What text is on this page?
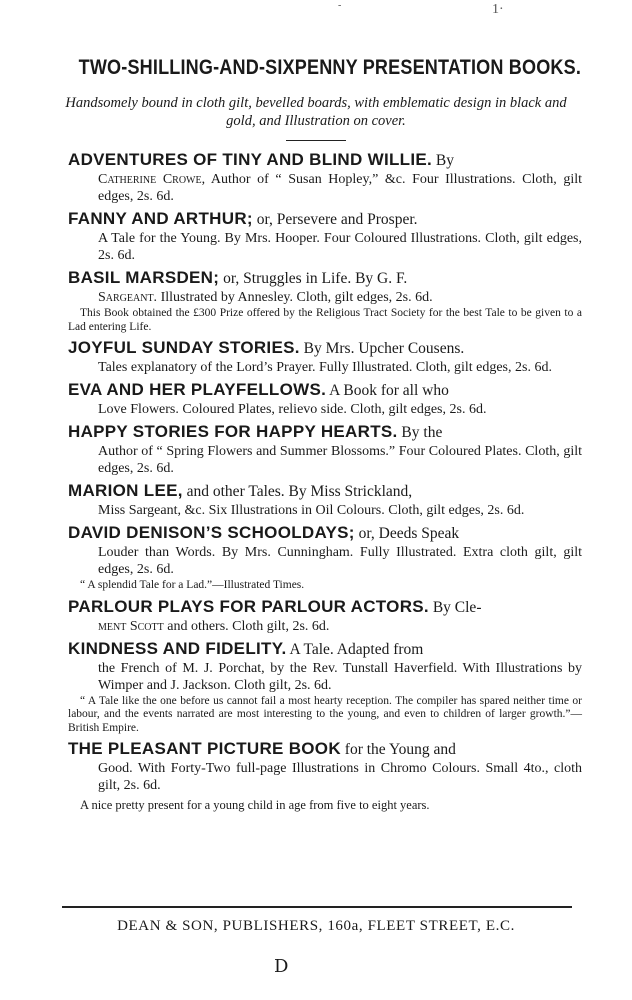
-	1·
TWO-SHILLING-AND-SIXPENNY PRESENTATION BOOKS.
Handsomely bound in cloth gilt, bevelled boards, with emblematic design in black and gold, and Illustration on cover.
ADVENTURES OF TINY AND BLIND WILLIE. By
Catherine Crowe, Author of “ Susan Hopley,” &c. Four Illustrations. Cloth, gilt edges, 2s. 6d.
FANNY AND ARTHUR; or, Persevere and Prosper.
A Tale for the Young. By Mrs. Hooper. Four Coloured Illustrations. Cloth, gilt edges, 2s. 6d.
BASIL MARSDEN; or, Struggles in Life. By G. F.
Sargeant. Illustrated by Annesley. Cloth, gilt edges, 2s. 6d.
This Book obtained the £300 Prize offered by the Religious Tract Society for the best Tale to be given to a Lad entering Life.
JOYFUL SUNDAY STORIES. By Mrs. Upcher Cousens.
Tales explanatory of the Lord’s Prayer. Fully Illustrated. Cloth, gilt edges, 2s. 6d.
EVA AND HER PLAYFELLOWS. A Book for all who
Love Flowers. Coloured Plates, relievo side. Cloth, gilt edges, 2s. 6d.
HAPPY STORIES FOR HAPPY HEARTS. By the
Author of “ Spring Flowers and Summer Blossoms.” Four Coloured Plates. Cloth, gilt edges, 2s. 6d.
MARION LEE, and other Tales. By Miss Strickland,
Miss Sargeant, &c. Six Illustrations in Oil Colours. Cloth, gilt edges, 2s. 6d.
DAVID DENISON’S SCHOOLDAYS; or, Deeds Speak
Louder than Words. By Mrs. Cunningham. Fully Illustrated. Extra cloth gilt, gilt edges, 2s. 6d.
“ A splendid Tale for a Lad.”—Illustrated Times.
PARLOUR PLAYS FOR PARLOUR ACTORS. By Cle-
ment Scott and others. Cloth gilt, 2s. 6d.
KINDNESS AND FIDELITY. A Tale. Adapted from
the French of M. J. Porchat, by the Rev. Tunstall Haverfield. With Illustrations by Wimper and J. Jackson. Cloth gilt, 2s. 6d.
“ A Tale like the one before us cannot fail a most hearty reception. The compiler has spared neither time or labour, and the events narrated are most interesting to the young, and even to children of larger growth.”—British Empire.
THE PLEASANT PICTURE BOOK for the Young and
Good. With Forty-Two full-page Illustrations in Chromo Colours. Small 4to., cloth gilt, 2s. 6d.
A nice pretty present for a young child in age from five to eight years.
DEAN & SON, PUBLISHERS, 160a, FLEET STREET, E.C.
D
